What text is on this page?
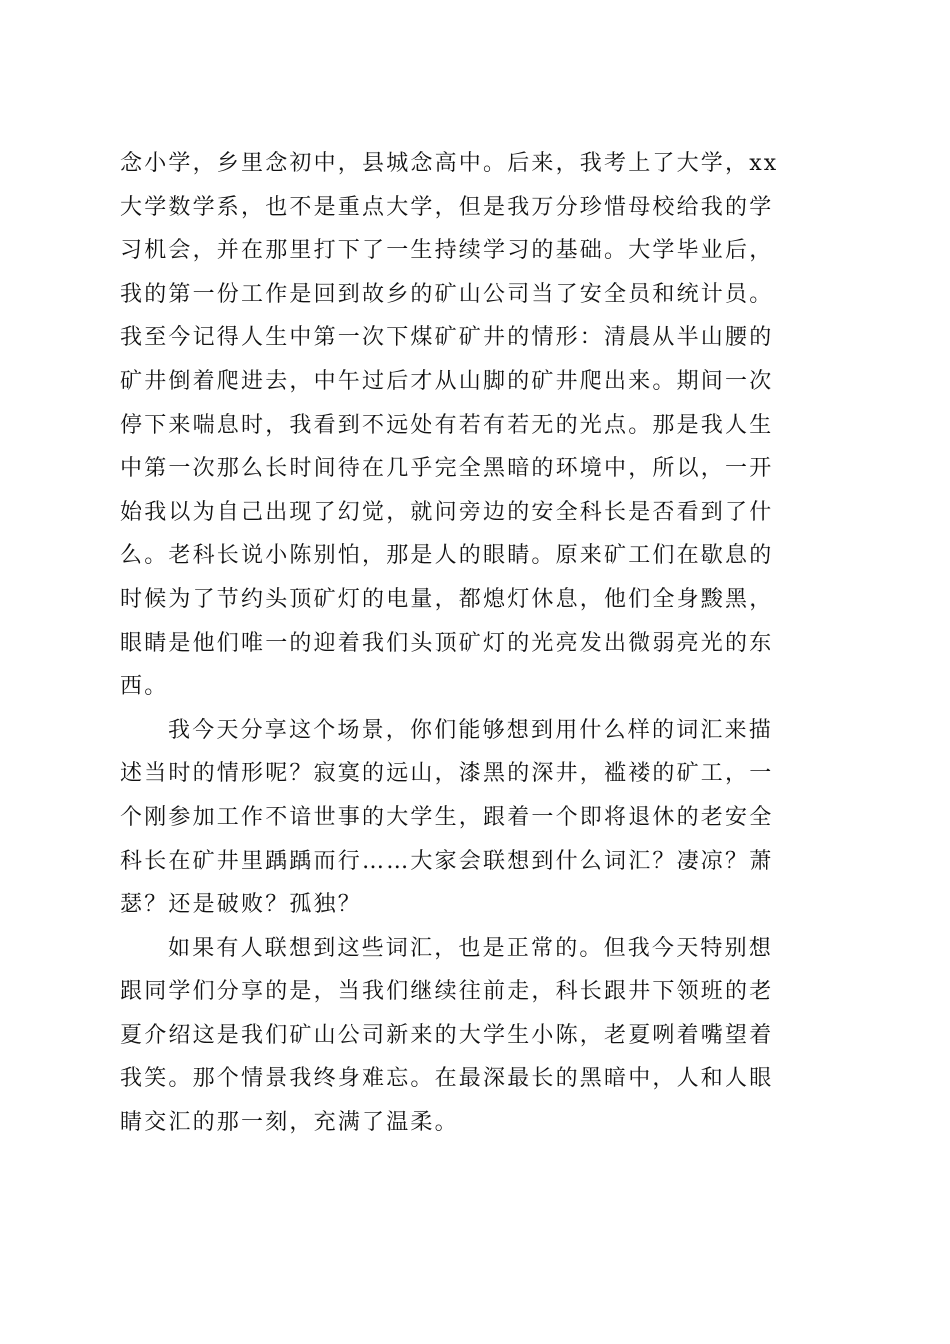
念小学，乡里念初中，县城念高中。后来，我考上了大学，xx
大学数学系，也不是重点大学，但是我万分珍惜母校给我的学
习机会，并在那里打下了一生持续学习的基础。大学毕业后，
我的第一份工作是回到故乡的矿山公司当了安全员和统计员。
我至今记得人生中第一次下煤矿矿井的情形：清晨从半山腰的
矿井倒着爬进去，中午过后才从山脚的矿井爬出来。期间一次
停下来喘息时，我看到不远处有若有若无的光点。那是我人生
中第一次那么长时间待在几乎完全黑暗的环境中，所以，一开
始我以为自己出现了幻觉，就问旁边的安全科长是否看到了什
么。老科长说小陈别怕，那是人的眼睛。原来矿工们在歇息的
时候为了节约头顶矿灯的电量，都熄灯休息，他们全身黢黑，
眼睛是他们唯一的迎着我们头顶矿灯的光亮发出微弱亮光的东
西。
我今天分享这个场景，你们能够想到用什么样的词汇来描
述当时的情形呢？寂寞的远山，漆黑的深井，褴褛的矿工，一
个刚参加工作不谙世事的大学生，跟着一个即将退休的老安全
科长在矿井里踽踽而行……大家会联想到什么词汇？凄凉？萧
瑟？还是破败？孤独？
如果有人联想到这些词汇，也是正常的。但我今天特别想
跟同学们分享的是，当我们继续往前走，科长跟井下领班的老
夏介绍这是我们矿山公司新来的大学生小陈，老夏咧着嘴望着
我笑。那个情景我终身难忘。在最深最长的黑暗中，人和人眼
睛交汇的那一刻，充满了温柔。
